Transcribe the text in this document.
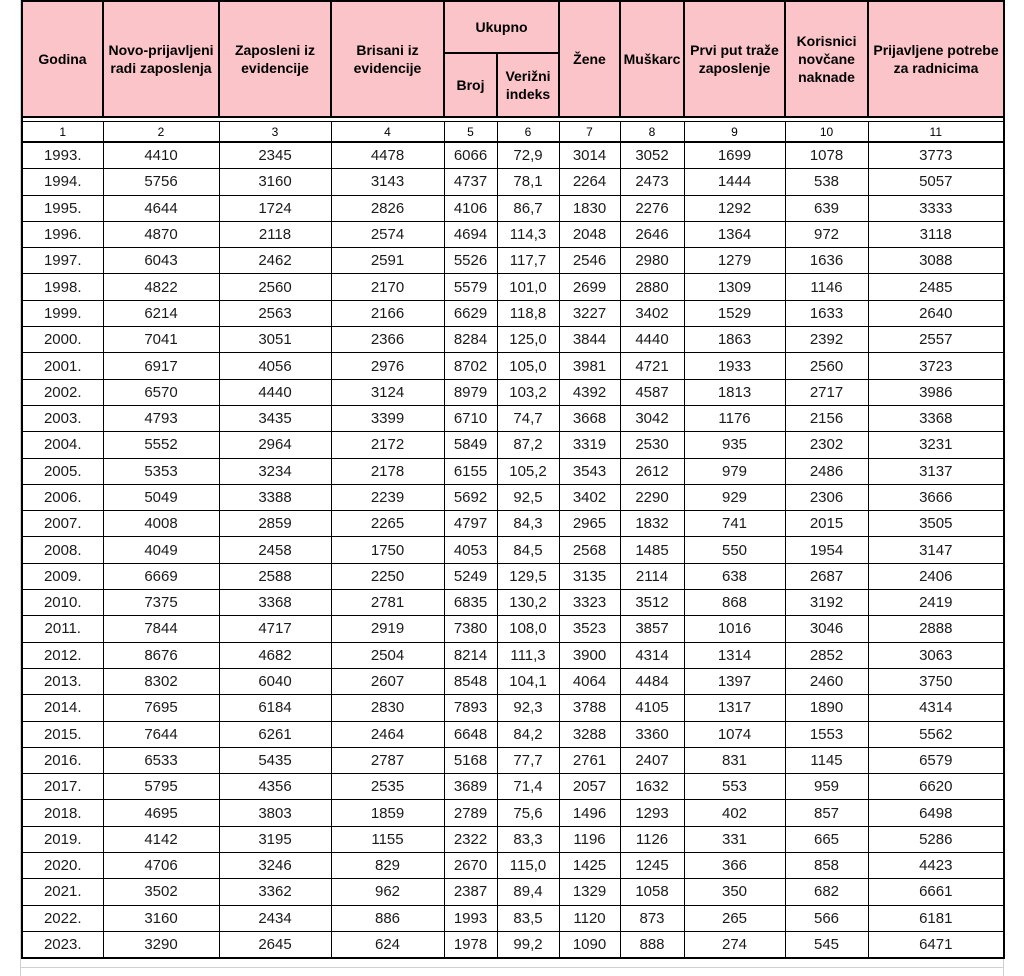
Godina	Novo-prijavljeni radi zaposlenja	Zaposleni iz evidencije	Brisani iz evidencije	Ukupno		Žene	Muškarc	Prvi put traže zaposlenje	Korisnici novčane naknade	Prijavljene potrebe za radnicima
				Broj	Verižni indeks					

1	2	3	4	5	6	7	8	9	10	11
1993.	4410	2345	4478	6066	72,9	3014	3052	1699	1078	3773
1994.	5756	3160	3143	4737	78,1	2264	2473	1444	538	5057
1995.	4644	1724	2826	4106	86,7	1830	2276	1292	639	3333
1996.	4870	2118	2574	4694	114,3	2048	2646	1364	972	3118
1997.	6043	2462	2591	5526	117,7	2546	2980	1279	1636	3088
1998.	4822	2560	2170	5579	101,0	2699	2880	1309	1146	2485
1999.	6214	2563	2166	6629	118,8	3227	3402	1529	1633	2640
2000.	7041	3051	2366	8284	125,0	3844	4440	1863	2392	2557
2001.	6917	4056	2976	8702	105,0	3981	4721	1933	2560	3723
2002.	6570	4440	3124	8979	103,2	4392	4587	1813	2717	3986
2003.	4793	3435	3399	6710	74,7	3668	3042	1176	2156	3368
2004.	5552	2964	2172	5849	87,2	3319	2530	935	2302	3231
2005.	5353	3234	2178	6155	105,2	3543	2612	979	2486	3137
2006.	5049	3388	2239	5692	92,5	3402	2290	929	2306	3666
2007.	4008	2859	2265	4797	84,3	2965	1832	741	2015	3505
2008.	4049	2458	1750	4053	84,5	2568	1485	550	1954	3147
2009.	6669	2588	2250	5249	129,5	3135	2114	638	2687	2406
2010.	7375	3368	2781	6835	130,2	3323	3512	868	3192	2419
2011.	7844	4717	2919	7380	108,0	3523	3857	1016	3046	2888
2012.	8676	4682	2504	8214	111,3	3900	4314	1314	2852	3063
2013.	8302	6040	2607	8548	104,1	4064	4484	1397	2460	3750
2014.	7695	6184	2830	7893	92,3	3788	4105	1317	1890	4314
2015.	7644	6261	2464	6648	84,2	3288	3360	1074	1553	5562
2016.	6533	5435	2787	5168	77,7	2761	2407	831	1145	6579
2017.	5795	4356	2535	3689	71,4	2057	1632	553	959	6620
2018.	4695	3803	1859	2789	75,6	1496	1293	402	857	6498
2019.	4142	3195	1155	2322	83,3	1196	1126	331	665	5286
2020.	4706	3246	829	2670	115,0	1425	1245	366	858	4423
2021.	3502	3362	962	2387	89,4	1329	1058	350	682	6661
2022.	3160	2434	886	1993	83,5	1120	873	265	566	6181
2023.	3290	2645	624	1978	99,2	1090	888	274	545	6471
